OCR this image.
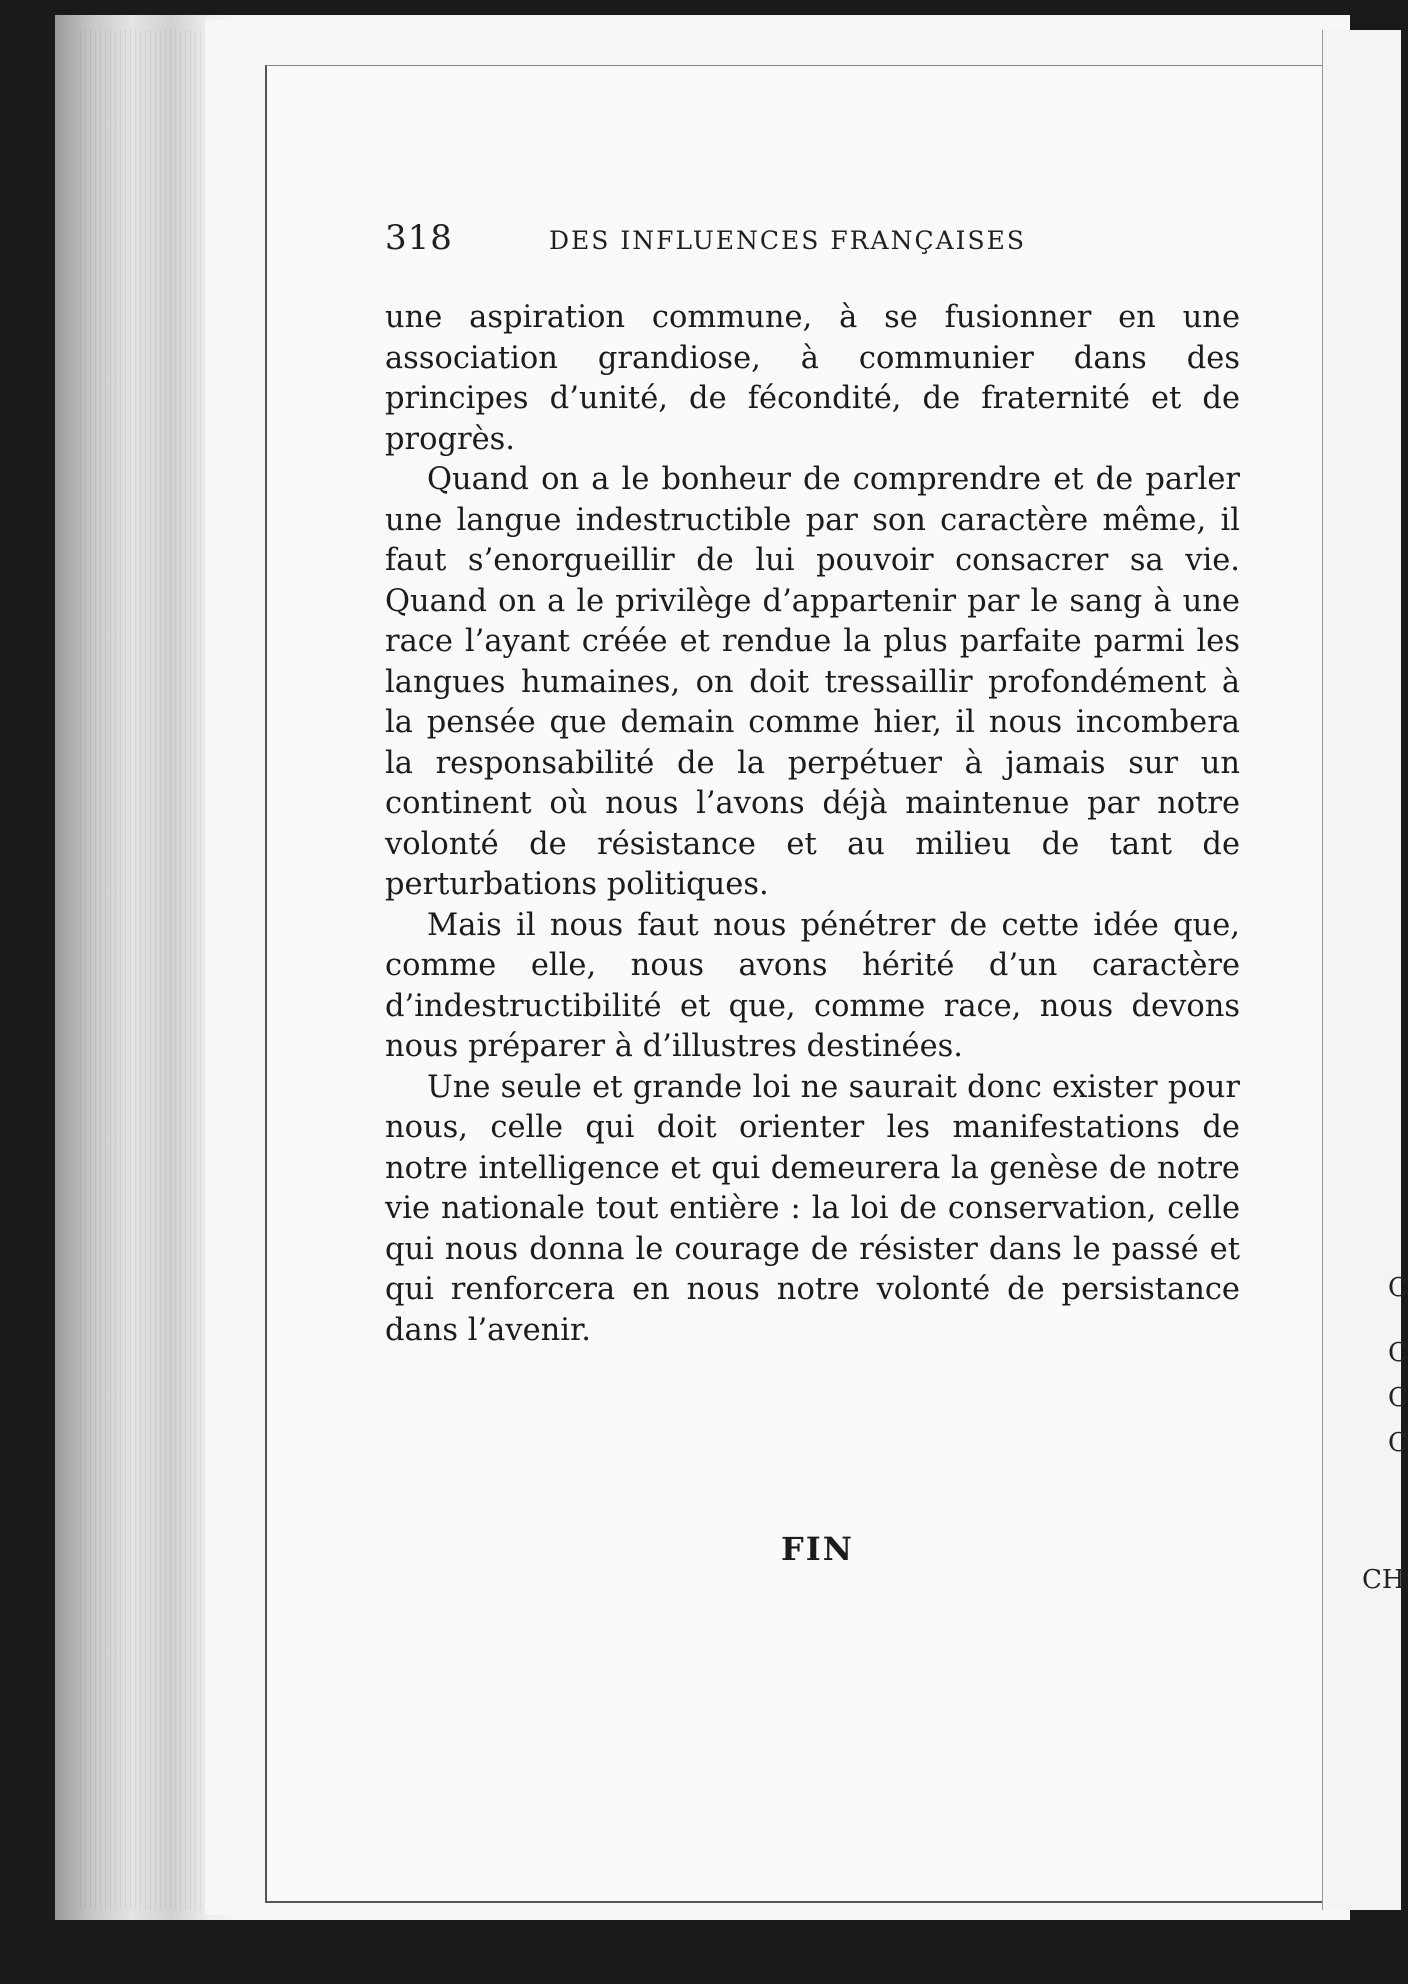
C

C

C

C

CH

318	DES INFLUENCES FRANÇAISES

une aspiration commune, à se fusionner en une association grandiose, à communier dans des principes d’unité, de fécondité, de fraternité et de progrès.

Quand on a le bonheur de comprendre et de parler une langue indestructible par son caractère même, il faut s’enorgueillir de lui pouvoir consacrer sa vie. Quand on a le privilège d’appartenir par le sang à une race l’ayant créée et rendue la plus parfaite parmi les langues humaines, on doit tressaillir profondément à la pensée que demain comme hier, il nous incombera la responsabilité de la perpétuer à jamais sur un continent où nous l’avons déjà maintenue par notre volonté de résistance et au milieu de tant de perturbations politiques.

Mais il nous faut nous pénétrer de cette idée que, comme elle, nous avons hérité d’un caractère d’indestructibilité et que, comme race, nous devons nous préparer à d’illustres destinées.

Une seule et grande loi ne saurait donc exister pour nous, celle qui doit orienter les manifestations de notre intelligence et qui demeurera la genèse de notre vie nationale tout entière : la loi de conservation, celle qui nous donna le courage de résister dans le passé et qui renforcera en nous notre volonté de persistance dans l’avenir.

FIN
